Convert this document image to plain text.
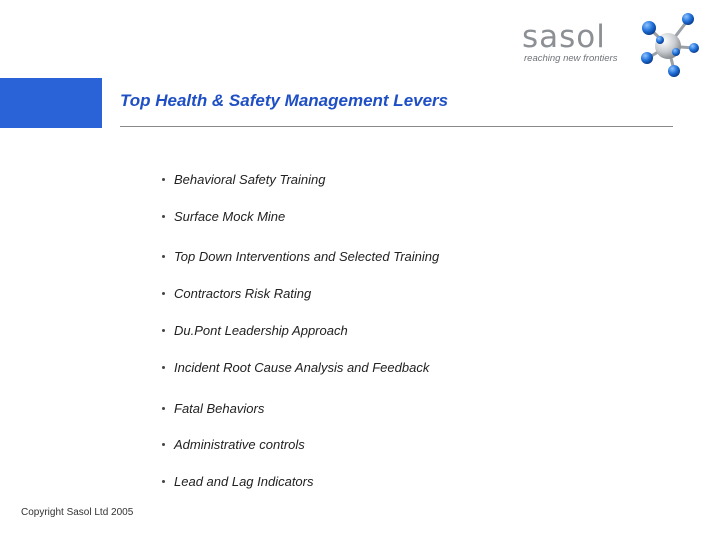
Top Health & Safety Management Levers
sasol
reaching new frontiers
Behavioral Safety Training
Surface Mock Mine
Top Down Interventions and Selected Training
Contractors Risk Rating
Du.Pont Leadership Approach
Incident Root Cause Analysis and Feedback
Fatal Behaviors
Administrative controls
Lead and Lag Indicators
Copyright Sasol Ltd 2005
